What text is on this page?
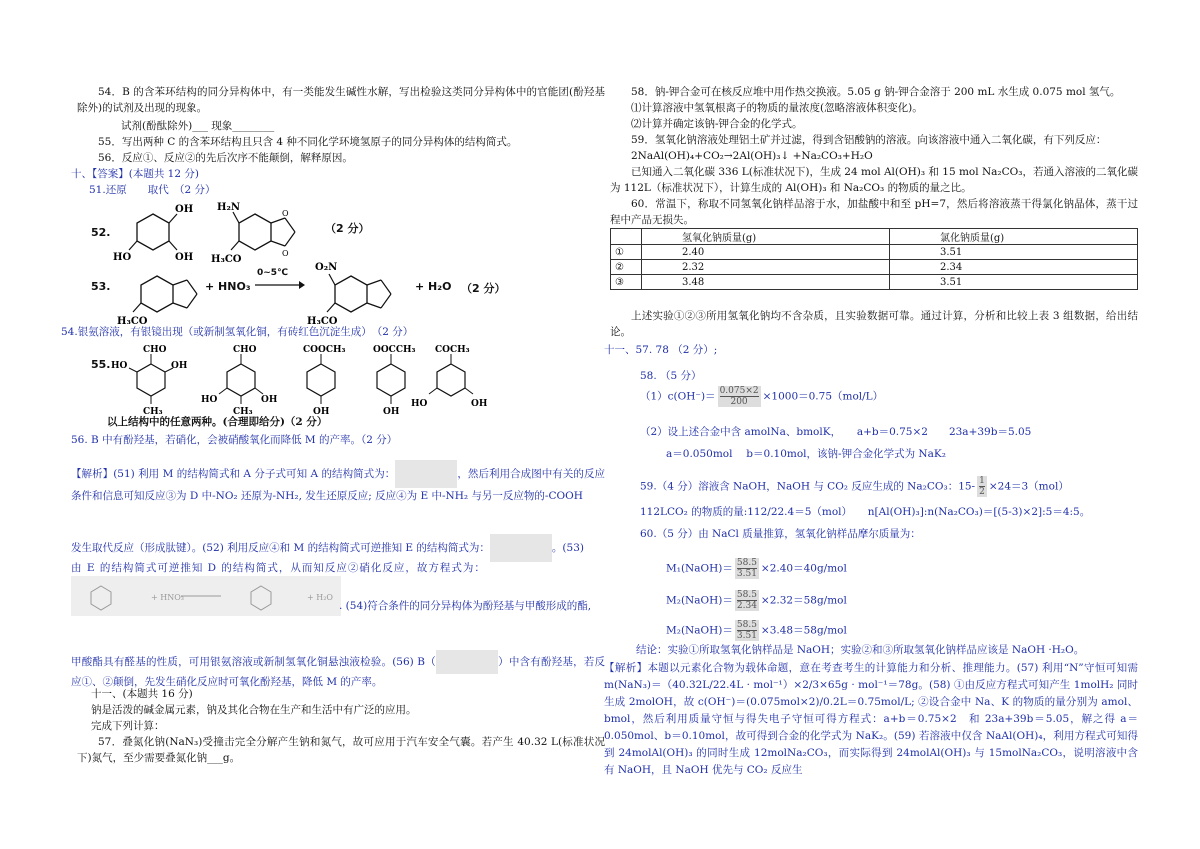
54．B 的含苯环结构的同分异构体中，有一类能发生碱性水解，写出检验这类同分异构体中的官能团(酚羟基除外)的试剂及出现的现象。

试剂(酚酞除外)___ 现象________

55．写出两种 C 的含苯环结构且只含 4 种不同化学环境氢原子的同分异构体的结构简式。

56．反应①、反应②的先后次序不能颠倒，解释原因。

十、【答案】(本题共 12 分)

51.还原　　取代　（2 分）

52.
OH
OH
HO
O
O
H₂N
H₃CO
（2 分）
53.
H₃CO
+ HNO₃
0~5℃	O₂N
H₃CO
+ H₂O （2 分）

54.银氨溶液，有银镜出现（或新制氢氧化铜，有砖红色沉淀生成）　（2 分）

55.
CHO
HO	OH
CH₃
CHO
HO	OH
CH₃
COOCH₃
OH
OOCCH₃
OH
COCH₃
HO	OH
以上结构中的任意两种。(合理即给分)（2 分）

56. B 中有酚羟基，若硝化，会被硝酸氧化而降低 M 的产率。（2 分）

【解析】(51) 利用 M 的结构简式和 A 分子式可知 A 的结构简式为：	，然后利用合成图中有关的反应条件和信息可知反应③为 D 中-NO₂ 还原为-NH₂, 发生还原反应; 反应④为 E 中-NH₂ 与另一反应物的-COOH

发生取代反应（形成肽键）。(52) 利用反应④和 M 的结构简式可逆推知 E 的结构简式为：	。(53)

由 E 的结构简式可逆推知 D 的结构简式，从而知反应②硝化反应，故方程式为：

+ HNO₃	+ H₂O
. (54)符合条件的同分异构体为酚羟基与甲酸形成的酯,

甲酸酯具有醛基的性质，可用银氨溶液或新制氢氧化铜悬浊液检验。(56) B（	）中含有酚羟基，若反应①、②颠倒，先发生硝化反应时可氧化酚羟基，降低 M 的产率。

十一、(本题共 16 分)

钠是活泼的碱金属元素，钠及其化合物在生产和生活中有广泛的应用。

完成下列计算：

57．叠氮化钠(NaN₃)受撞击完全分解产生钠和氮气，故可应用于汽车安全气囊。若产生 40.32 L(标准状况下)氮气，至少需要叠氮化钠___g。

58．钠-钾合金可在核反应堆中用作热交换液。5.05 g 钠-钾合金溶于 200 mL 水生成 0.075 mol 氢气。

⑴计算溶液中氢氧根离子的物质的量浓度(忽略溶液体积变化)。

⑵计算并确定该钠-钾合金的化学式。

59．氢氧化钠溶液处理铝土矿并过滤，得到含铝酸钠的溶液。向该溶液中通入二氧化碳，有下列反应：

2NaAl(OH)₄+CO₂→2Al(OH)₃↓ +Na₂CO₃+H₂O

已知通入二氧化碳 336 L(标准状况下)，生成 24 mol Al(OH)₃ 和 15 mol Na₂CO₃，若通入溶液的二氧化碳为 112L（标准状况下），计算生成的 Al(OH)₃ 和 Na₂CO₃ 的物质的量之比。

60．常温下，称取不同氢氧化钠样品溶于水，加盐酸中和至 pH=7，然后将溶液蒸干得氯化钠晶体，蒸干过程中产品无损失。

	氢氧化钠质量(g)	氯化钠质量(g)
①	2.40	3.51
②	2.32	2.34
③	3.48	3.51

上述实验①②③所用氢氧化钠均不含杂质，且实验数据可靠。通过计算，分析和比较上表 3 组数据，给出结论。

十一、57. 78 （2 分）;

58. （5 分）

$(1)c(OH^-)= \frac{0.075\times 2}{200} \times 1000=0.75(mol/L)$

（2）设上述合金中含 amolNa、bmolK，　　a+b＝0.75×2　　23a+39b＝5.05

a＝0.050mol　 b＝0.10mol，该钠-钾合金化学式为 NaK₂

59.（4 分）溶液含 NaOH，NaOH 与 CO₂ 反应生成的 Na₂CO₃：$15- \frac{1}{2} \times 24=3(mol)$

112LCO₂ 的物质的量:112/22.4＝5（mol）　　n[Al(OH)₃]:n(Na₂CO₃)＝[(5-3)×2]:5＝4:5。

60.（5 分）由 NaCl 质量推算，氢氧化钠样品摩尔质量为：

M₁(NaOH)＝ $\frac{58.5}{3.51} \times 2.40=40g/mol$

M₂(NaOH)＝ $\frac{58.5}{2.34} \times 2.32=58g/mol$

M₂(NaOH)＝ $\frac{58.5}{3.51} \times 3.48=58g/mol$

结论：实验①所取氢氧化钠样品是 NaOH；实验②和③所取氢氧化钠样品应该是 NaOH ·H₂O。

【解析】本题以元素化合物为载体命题，意在考查考生的计算能力和分析、推理能力。(57) 利用“N”守恒可知需 m(NaN₃)＝（40.32L/22.4L · mol⁻¹）×2/3×65g · mol⁻¹＝78g。(58) ①由反应方程式可知产生 1molH₂ 同时生成 2molOH，故 c(OH⁻)＝(0.075mol×2)/0.2L＝0.75mol/L; ②设合金中 Na、K 的物质的量分别为 amol、bmol，然后利用质量守恒与得失电子守恒可得方程式：a+b＝0.75×2　和 23a+39b＝5.05，解之得 a＝0.050mol、b＝0.10mol，故可得到合金的化学式为 NaK₂。(59) 若溶液中仅含 NaAl(OH)₄，利用方程式可知得到 24molAl(OH)₃ 的同时生成 12molNa₂CO₃，而实际得到 24molAl(OH)₃ 与 15molNa₂CO₃，说明溶液中含有 NaOH，且 NaOH 优先与 CO₂ 反应生
